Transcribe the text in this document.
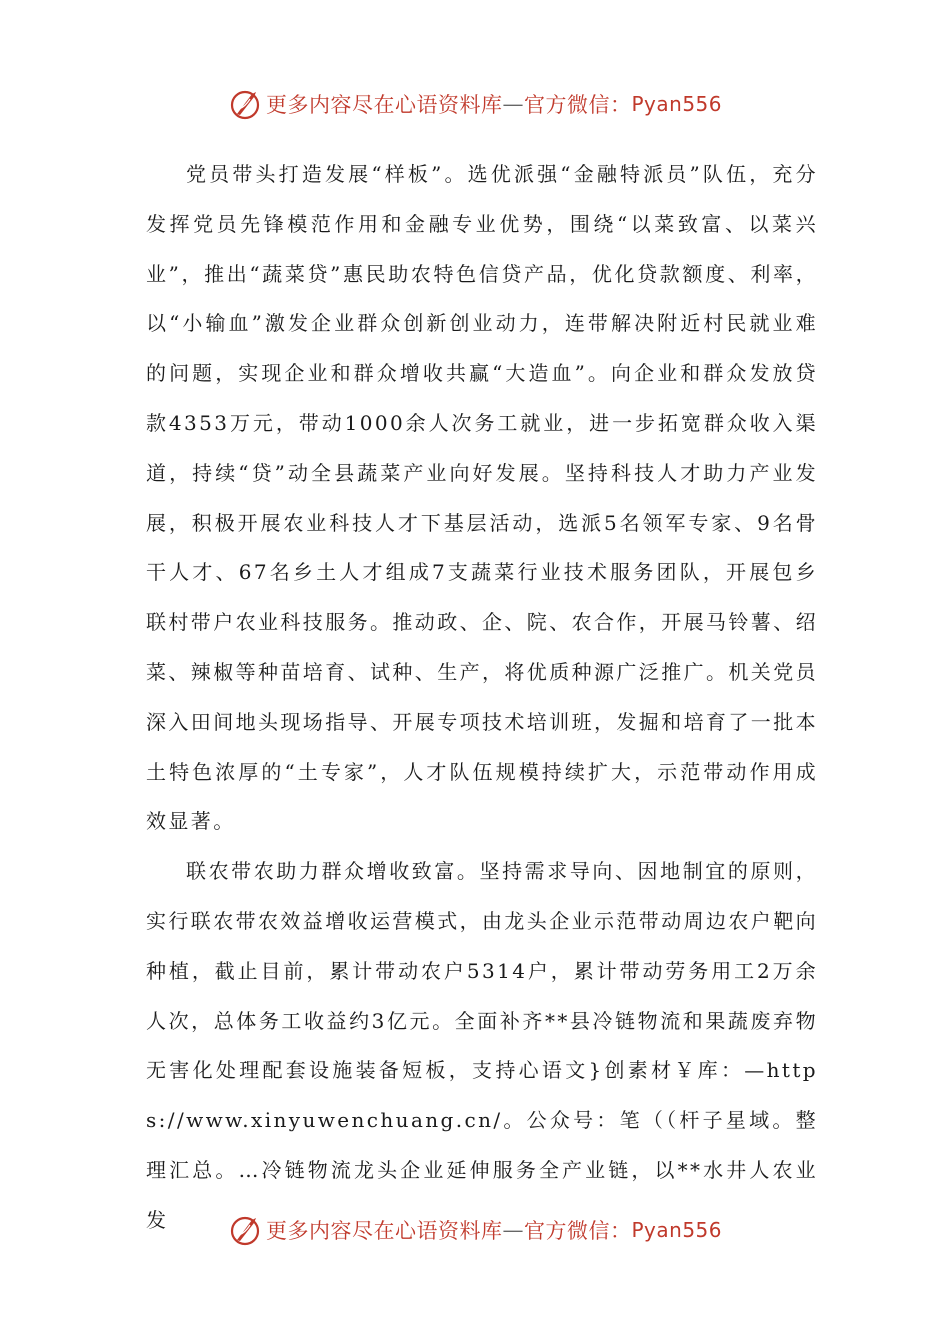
更多内容尽在心语资料库 — 官方微信： Pyan556

党员带头打造发展“样板”。选优派强“金融特派员”队伍，充分发挥党员先锋模范作用和金融专业优势，围绕“以菜致富、以菜兴业”，推出“蔬菜贷”惠民助农特色信贷产品，优化贷款额度、利率，以“小输血”激发企业群众创新创业动力，连带解决附近村民就业难的问题，实现企业和群众增收共赢“大造血”。向企业和群众发放贷款4353万元，带动1000余人次务工就业，进一步拓宽群众收入渠道，持续“贷”动全县蔬菜产业向好发展。坚持科技人才助力产业发展，积极开展农业科技人才下基层活动，选派5名领军专家、9名骨干人才、67名乡土人才组成7支蔬菜行业技术服务团队，开展包乡联村带户农业科技服务。推动政、企、院、农合作，开展马铃薯、绍菜、辣椒等种苗培育、试种、生产，将优质种源广泛推广。机关党员深入田间地头现场指导、开展专项技术培训班，发掘和培育了一批本土特色浓厚的“土专家”，人才队伍规模持续扩大，示范带动作用成效显著。

联农带农助力群众增收致富。坚持需求导向、因地制宜的原则，实行联农带农效益增收运营模式，由龙头企业示范带动周边农户靶向种植，截止目前，累计带动农户5314户，累计带动劳务用工2万余人次，总体务工收益约3亿元。全面补齐**县冷链物流和果蔬废弃物无害化处理配套设施装备短板，支持心语文}创素材￥库：—https://www.xinyuwenchuang.cn/。公众号：笔（（杆子星域。整理汇总。…冷链物流龙头企业延伸服务全产业链，以**水井人农业发	更多内容尽在心语资料库 — 官方微信： Pyan556
